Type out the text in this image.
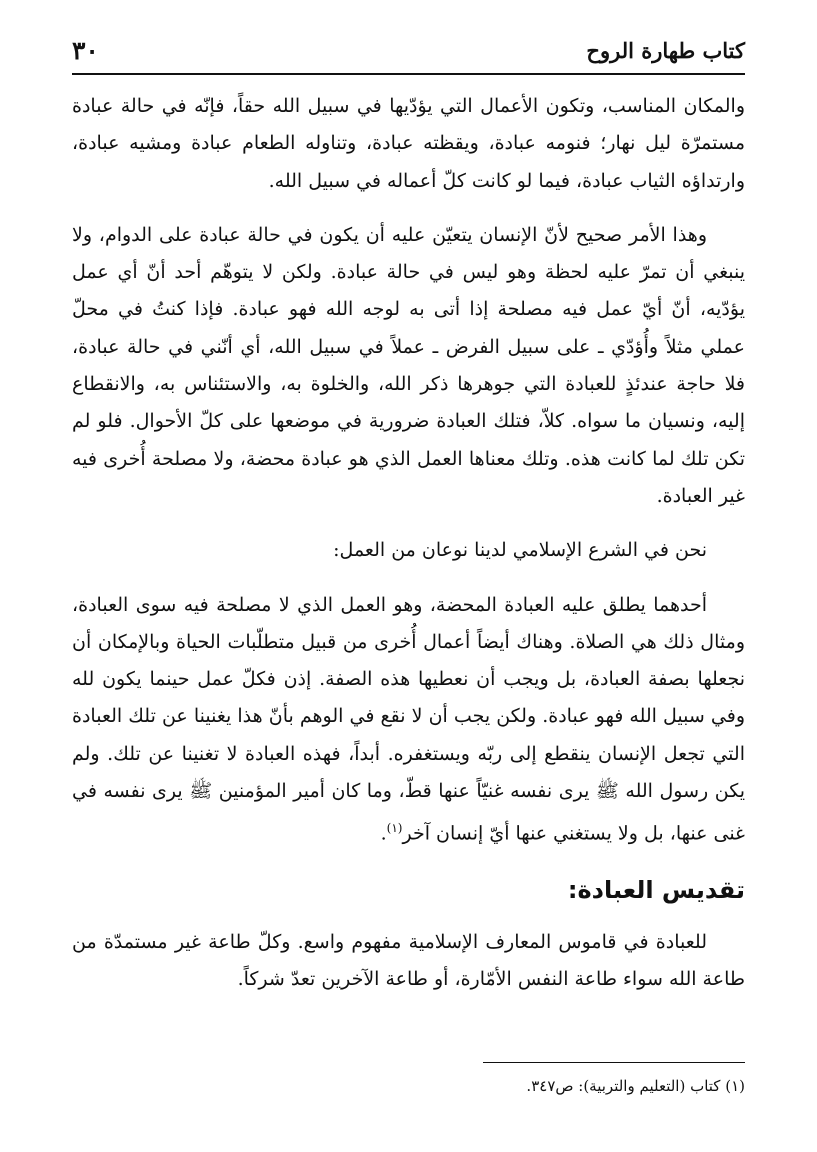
كتاب طهارة الروح
٣٠

والمكان المناسب، وتكون الأعمال التي يؤدّيها في سبيل الله حقاً، فإنّه في حالة عبادة مستمرّة لیل نهار؛ فنومه عبادة، ويقظته عبادة، وتناوله الطعام عبادة ومشيه عبادة، وارتداؤه الثياب عبادة، فيما لو كانت كلّ أعماله في سبيل الله.

وهذا الأمر صحيح لأنّ الإنسان يتعيّن عليه أن يكون في حالة عبادة على الدوام، ولا ينبغي أن تمرّ عليه لحظة وهو ليس في حالة عبادة. ولكن لا يتوهّم أحد أنّ أي عمل يؤدّيه، أنّ أيّ عمل فيه مصلحة إذا أتى به لوجه الله فهو عبادة. فإذا كنتُ في محلّ عملي مثلاً وأُؤدّي ـ على سبيل الفرض ـ عملاً في سبيل الله، أي أنّني في حالة عبادة، فلا حاجة عندئذٍ للعبادة التي جوهرها ذكر الله، والخلوة به، والاستئناس به، والانقطاع إليه، ونسيان ما سواه. كلاّ، فتلك العبادة ضرورية في موضعها على كلّ الأحوال. فلو لم تكن تلك لما كانت هذه. وتلك معناها العمل الذي هو عبادة محضة، ولا مصلحة أُخرى فيه غير العبادة.

نحن في الشرع الإسلامي لدينا نوعان من العمل:

أحدهما يطلق عليه العبادة المحضة، وهو العمل الذي لا مصلحة فيه سوى العبادة، ومثال ذلك هي الصلاة. وهناك أيضاً أعمال أُخرى من قبيل متطلّبات الحياة وبالإمكان أن نجعلها بصفة العبادة، بل ويجب أن نعطيها هذه الصفة. إذن فكلّ عمل حينما يكون لله وفي سبيل الله فهو عبادة. ولكن يجب أن لا نقع في الوهم بأنّ هذا يغنينا عن تلك العبادة التي تجعل الإنسان ينقطع إلى ربّه ويستغفره. أبداً، فهذه العبادة لا تغنينا عن تلك. ولم يكن رسول الله ﷺ يرى نفسه غنيّاً عنها قطّ، وما كان أمير المؤمنين ﷺ يرى نفسه في غنى عنها، بل ولا يستغني عنها أيّ إنسان آخر$^{(١)}$.

تقديس العبادة:

للعبادة في قاموس المعارف الإسلامية مفهوم واسع. وكلّ طاعة غير مستمدّة من طاعة الله سواء طاعة النفس الأمّارة، أو طاعة الآخرين تعدّ شركاً.

(١) كتاب (التعليم والتربية): ص٣٤٧.
